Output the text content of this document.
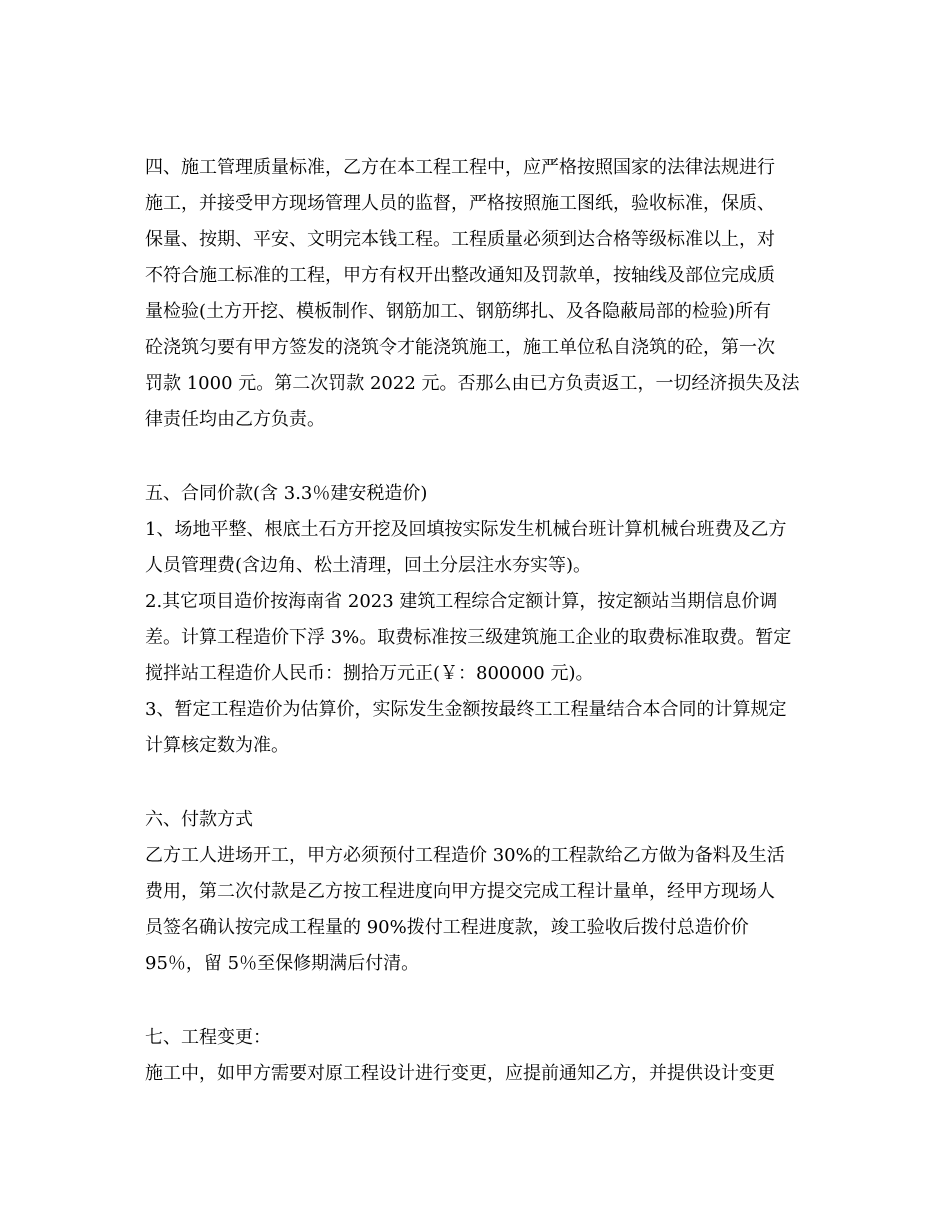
四、施工管理质量标准，乙方在本工程工程中，应严格按照国家的法律法规进行

施工，并接受甲方现场管理人员的监督，严格按照施工图纸，验收标准，保质、

保量、按期、平安、文明完本钱工程。工程质量必须到达合格等级标准以上，对

不符合施工标准的工程，甲方有权开出整改通知及罚款单，按轴线及部位完成质

量检验(土方开挖、模板制作、钢筋加工、钢筋绑扎、及各隐蔽局部的检验)所有

砼浇筑匀要有甲方签发的浇筑令才能浇筑施工，施工单位私自浇筑的砼，第一次

罚款 1000 元。第二次罚款 2022 元。否那么由已方负责返工，一切经济损失及法

律责任均由乙方负责。

五、合同价款(含 3.3％建安税造价)

1、场地平整、根底土石方开挖及回填按实际发生机械台班计算机械台班费及乙方

人员管理费(含边角、松土清理，回土分层注水夯实等)。

2.其它项目造价按海南省 2023 建筑工程综合定额计算，按定额站当期信息价调

差。计算工程造价下浮 3%。取费标准按三级建筑施工企业的取费标准取费。暂定

搅拌站工程造价人民币：捌拾万元正(￥：800000 元)。

3、暂定工程造价为估算价，实际发生金额按最终工工程量结合本合同的计算规定

计算核定数为准。

六、付款方式

乙方工人进场开工，甲方必须预付工程造价 30%的工程款给乙方做为备料及生活

费用，第二次付款是乙方按工程进度向甲方提交完成工程计量单，经甲方现场人

员签名确认按完成工程量的 90%拨付工程进度款，竣工验收后拨付总造价价

95％，留 5％至保修期满后付清。

七、工程变更：

施工中，如甲方需要对原工程设计进行变更，应提前通知乙方，并提供设计变更
